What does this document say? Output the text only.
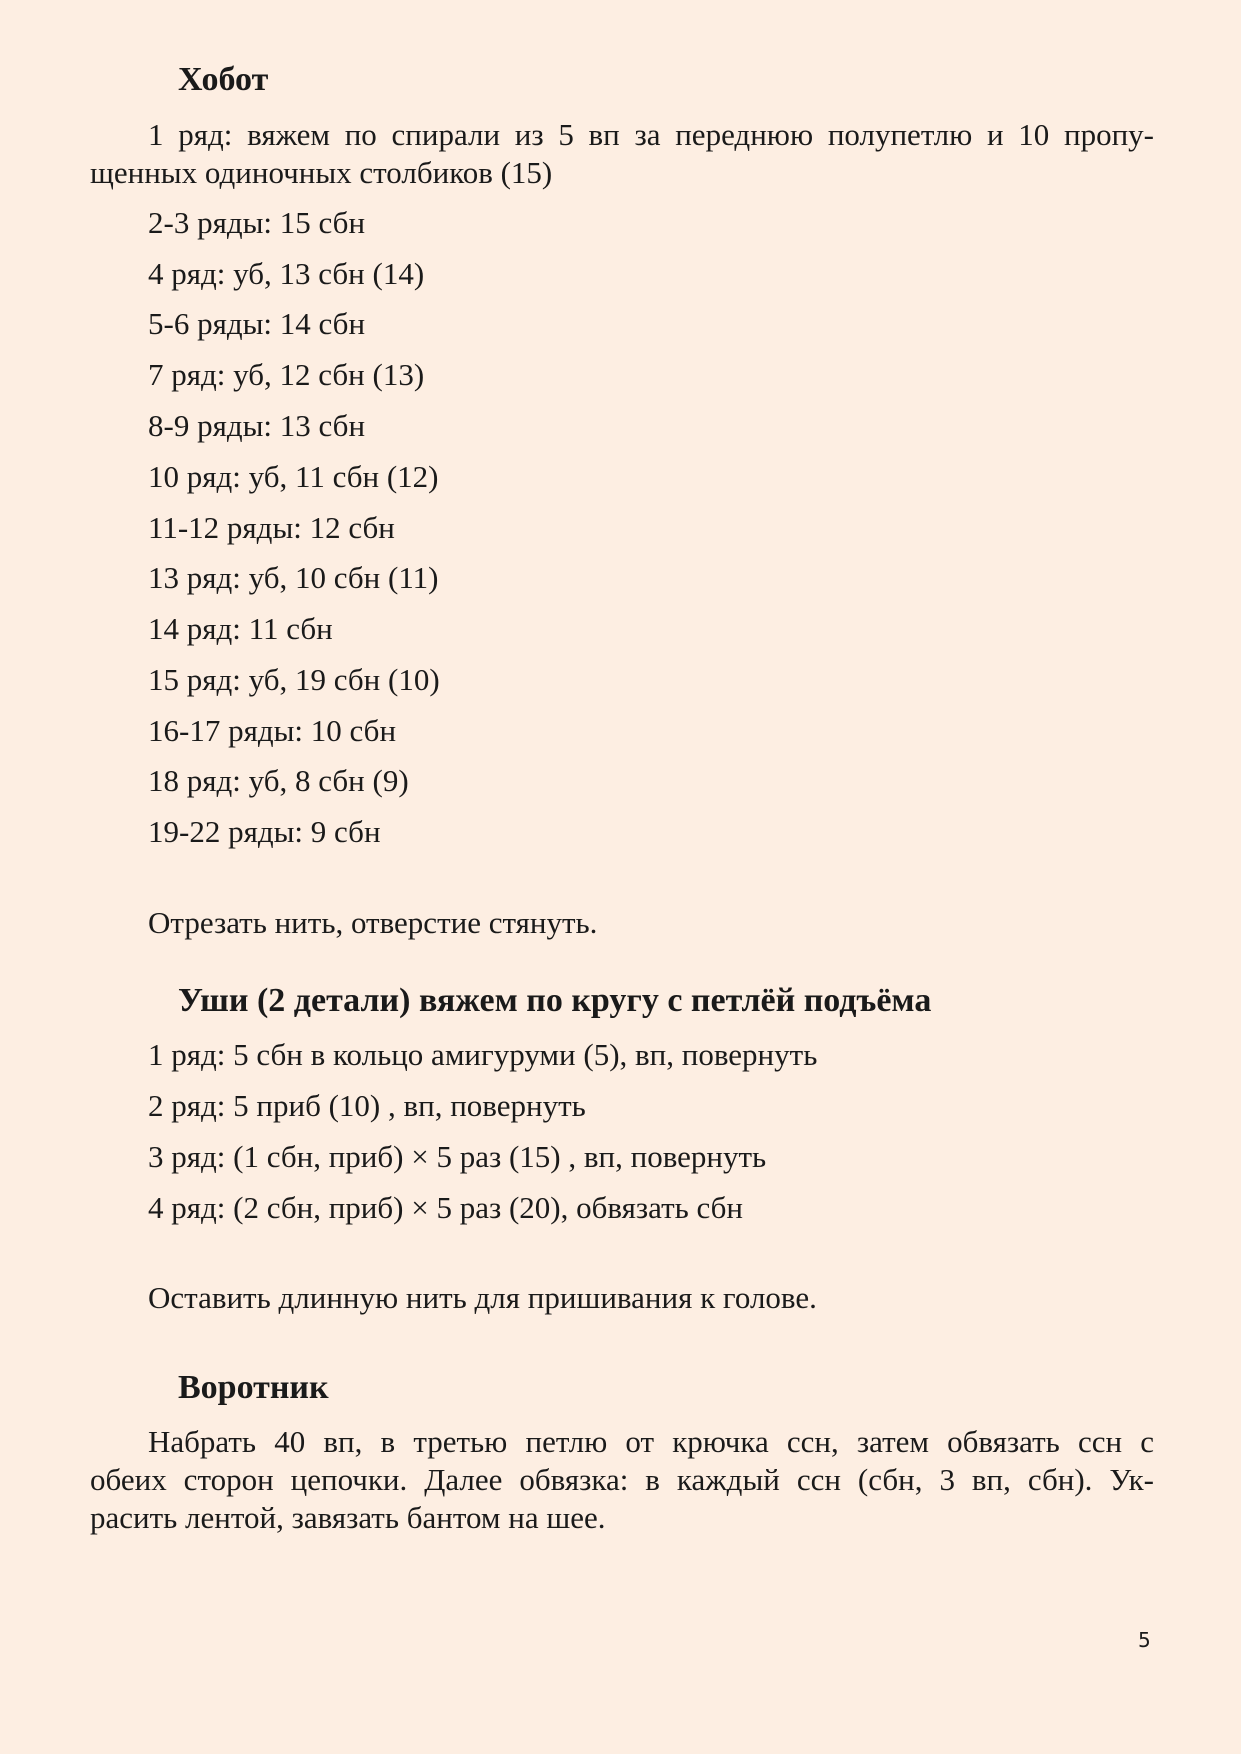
Хобот
1 ряд: вяжем по спирали из 5 вп за переднюю полупетлю и 10 пропу-
щенных одиночных столбиков (15)

2-3 ряды: 15 сбн

4 ряд: уб, 13 сбн (14)

5-6 ряды: 14 сбн

7 ряд: уб, 12 сбн (13)

8-9 ряды: 13 сбн

10 ряд: уб, 11 сбн (12)

11-12 ряды: 12 сбн

13 ряд: уб, 10 сбн (11)

14 ряд: 11 сбн

15 ряд: уб, 19 сбн (10)

16-17 ряды: 10 сбн

18 ряд: уб, 8 сбн (9)

19-22 ряды: 9 сбн

Отрезать нить, отверстие стянуть.

Уши (2 детали) вяжем по кругу с петлёй подъёма

1 ряд: 5 сбн в кольцо амигуруми (5), вп, повернуть

2 ряд: 5 приб (10) , вп, повернуть

3 ряд: (1 сбн, приб) × 5 раз (15) , вп, повернуть

4 ряд: (2 сбн, приб) × 5 раз (20), обвязать сбн

Оставить длинную нить для пришивания к голове.

Воротник
Набрать 40 вп, в третью петлю от крючка ссн, затем обвязать ссн с
обеих сторон цепочки. Далее обвязка: в каждый ссн (сбн, 3 вп, сбн). Ук-
расить лентой, завязать бантом на шее.
5
